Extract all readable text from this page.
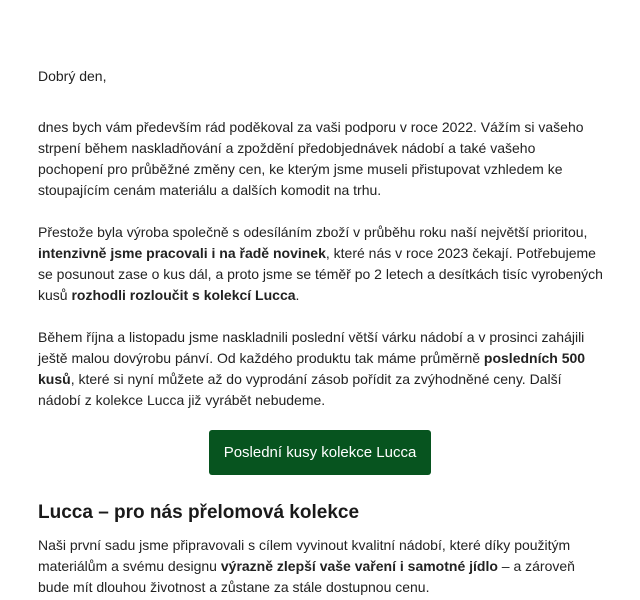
Dobrý den,

dnes bych vám především rád poděkoval za vaši podporu v roce 2022. Vážím si vašeho strpení během naskladňování a zpoždění předobjednávek nádobí a také vašeho pochopení pro průběžné změny cen, ke kterým jsme museli přistupovat vzhledem ke stoupajícím cenám materiálu a dalších komodit na trhu.

Přestože byla výroba společně s odesíláním zboží v průběhu roku naší největší prioritou, intenzivně jsme pracovali i na řadě novinek, které nás v roce 2023 čekají. Potřebujeme se posunout zase o kus dál, a proto jsme se téměř po 2 letech a desítkách tisíc vyrobených kusů rozhodli rozloučit s kolekcí Lucca.

Během října a listopadu jsme naskladnili poslední větší várku nádobí a v prosinci zahájili ještě malou dovýrobu pánví. Od každého produktu tak máme průměrně posledních 500 kusů, které si nyní můžete až do vyprodání zásob pořídit za zvýhodněné ceny. Další nádobí z kolekce Lucca již vyrábět nebudeme.

Poslední kusy kolekce Lucca
Lucca – pro nás přelomová kolekce

Naši první sadu jsme připravovali s cílem vyvinout kvalitní nádobí, které díky použitým materiálům a svému designu výrazně zlepší vaše vaření i samotné jídlo – a zároveň bude mít dlouhou životnost a zůstane za stále dostupnou cenu.
